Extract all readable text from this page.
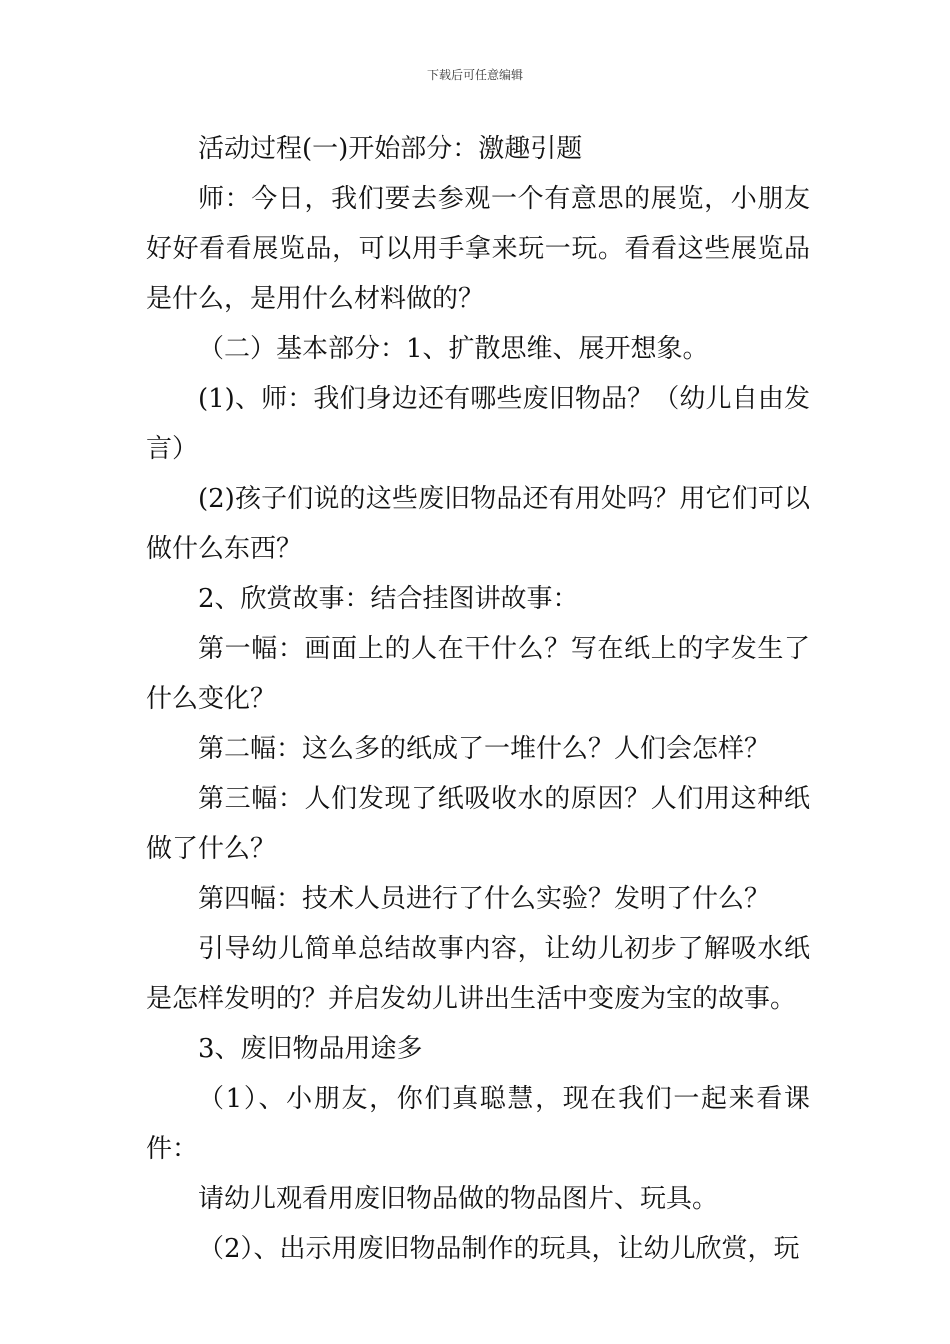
下载后可任意编辑

活动过程(一)开始部分：激趣引题

师：今日，我们要去参观一个有意思的展览，小朋友好好看看展览品，可以用手拿来玩一玩。看看这些展览品是什么，是用什么材料做的？

（二）基本部分：1、扩散思维、展开想象。

(1)、师：我们身边还有哪些废旧物品？（幼儿自由发言）

(2)孩子们说的这些废旧物品还有用处吗？用它们可以做什么东西？

2、欣赏故事：结合挂图讲故事：

第一幅：画面上的人在干什么？写在纸上的字发生了什么变化？

第二幅：这么多的纸成了一堆什么？人们会怎样？

第三幅：人们发现了纸吸收水的原因？人们用这种纸做了什么？

第四幅：技术人员进行了什么实验？发明了什么？

引导幼儿简单总结故事内容，让幼儿初步了解吸水纸是怎样发明的？并启发幼儿讲出生活中变废为宝的故事。

3、废旧物品用途多

（1）、小朋友，你们真聪慧，现在我们一起来看课件：

请幼儿观看用废旧物品做的物品图片、玩具。

（2）、出示用废旧物品制作的玩具，让幼儿欣赏，玩
